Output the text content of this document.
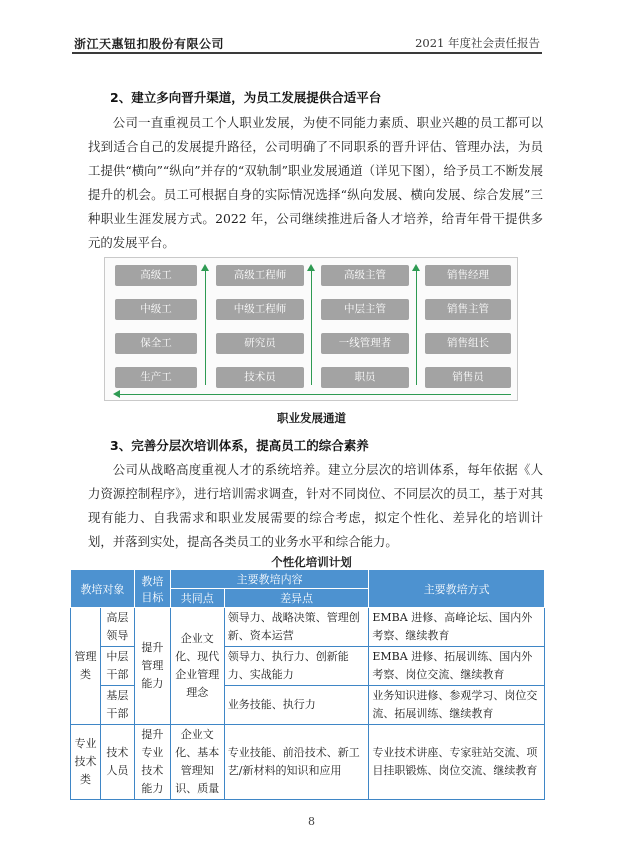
浙江天惠钮扣股份有限公司	2021 年度社会责任报告
2、建立多向晋升渠道，为员工发展提供合适平台
公司一直重视员工个人职业发展，为使不同能力素质、职业兴趣的员工都可以找到适合自己的发展提升路径，公司明确了不同职系的晋升评估、管理办法，为员工提供“横向”“纵向”并存的“双轨制”职业发展通道（详见下图），给予员工不断发展提升的机会。员工可根据自身的实际情况选择“纵向发展、横向发展、综合发展”三种职业生涯发展方式。2022 年，公司继续推进后备人才培养，给青年骨干提供多元的发展平台。
高级工
中级工
保全工
生产工
高级工程师
中级工程师
研究员
技术员
高级主管
中层主管
一线管理者
职员
销售经理
销售主管
销售组长
销售员
职业发展通道
3、完善分层次培训体系，提高员工的综合素养
公司从战略高度重视人才的系统培养。建立分层次的培训体系，每年依据《人力资源控制程序》，进行培训需求调查，针对不同岗位、不同层次的员工，基于对其现有能力、自我需求和职业发展需要的综合考虑，拟定个性化、差异化的培训计划，并落到实处，提高各类员工的业务水平和综合能力。
个性化培训计划
教培对象		教培目标	主要教培内容		主要教培方式
			共同点	差异点	
管理类	高层领导	提升管理能力	企业文化、现代企业管理理念	领导力、战略决策、管理创新、资本运营	EMBA 进修、高峰论坛、国内外考察、继续教育
	中层干部			领导力、执行力、创新能力、实战能力	EMBA 进修、拓展训练、国内外考察、岗位交流、继续教育
	基层干部			业务技能、执行力	业务知识进修、参观学习、岗位交流、拓展训练、继续教育
专业技术类	技术人员	提升专业技术能力	企业文化、基本管理知识、质量	专业技能、前沿技术、新工艺/新材料的知识和应用	专业技术讲座、专家驻站交流、项目挂职锻炼、岗位交流、继续教育
8
